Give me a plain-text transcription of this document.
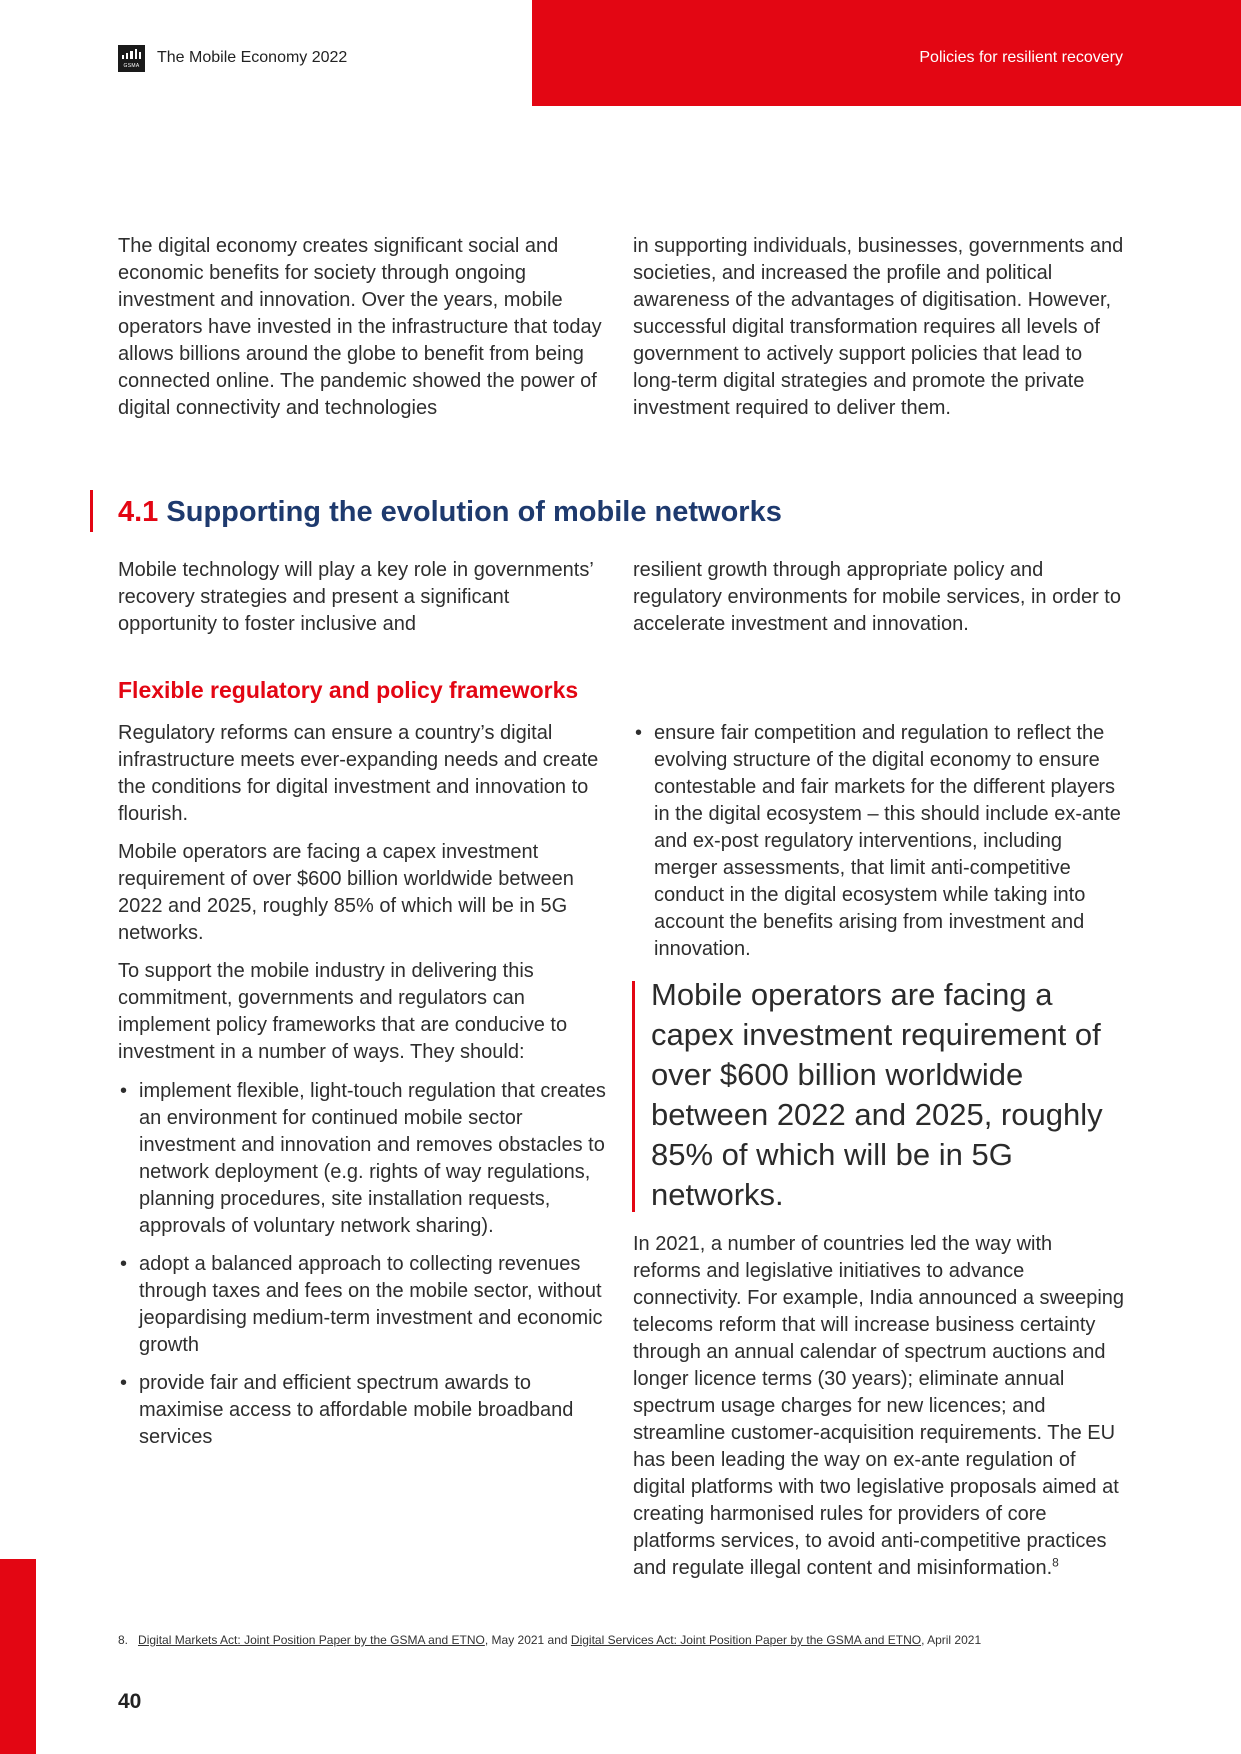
GSMA	The Mobile Economy 2022	Policies for resilient recovery

The digital economy creates significant social and economic benefits for society through ongoing investment and innovation. Over the years, mobile operators have invested in the infrastructure that today allows billions around the globe to benefit from being connected online. The pandemic showed the power of digital connectivity and technologies

in supporting individuals, businesses, governments and societies, and increased the profile and political awareness of the advantages of digitisation. However, successful digital transformation requires all levels of government to actively support policies that lead to long-term digital strategies and promote the private investment required to deliver them.

4.1 Supporting the evolution of mobile networks

Mobile technology will play a key role in governments’ recovery strategies and present a significant opportunity to foster inclusive and

resilient growth through appropriate policy and regulatory environments for mobile services, in order to accelerate investment and innovation.

Flexible regulatory and policy frameworks

Regulatory reforms can ensure a country’s digital infrastructure meets ever-expanding needs and create the conditions for digital investment and innovation to flourish.

Mobile operators are facing a capex investment requirement of over $600 billion worldwide between 2022 and 2025, roughly 85% of which will be in 5G networks.

To support the mobile industry in delivering this commitment, governments and regulators can implement policy frameworks that are conducive to investment in a number of ways. They should:

• implement flexible, light-touch regulation that creates an environment for continued mobile sector investment and innovation and removes obstacles to network deployment (e.g. rights of way regulations, planning procedures, site installation requests, approvals of voluntary network sharing).
• adopt a balanced approach to collecting revenues through taxes and fees on the mobile sector, without jeopardising medium-term investment and economic growth
• provide fair and efficient spectrum awards to maximise access to affordable mobile broadband services
• ensure fair competition and regulation to reflect the evolving structure of the digital economy to ensure contestable and fair markets for the different players in the digital ecosystem – this should include ex-ante and ex-post regulatory interventions, including merger assessments, that limit anti-competitive conduct in the digital ecosystem while taking into account the benefits arising from investment and innovation.
Mobile operators are facing a capex investment requirement of over $600 billion worldwide between 2022 and 2025, roughly 85% of which will be in 5G networks.

In 2021, a number of countries led the way with reforms and legislative initiatives to advance connectivity. For example, India announced a sweeping telecoms reform that will increase business certainty through an annual calendar of spectrum auctions and longer licence terms (30 years); eliminate annual spectrum usage charges for new licences; and streamline customer-acquisition requirements. The EU has been leading the way on ex-ante regulation of digital platforms with two legislative proposals aimed at creating harmonised rules for providers of core platforms services, to avoid anti-competitive practices and regulate illegal content and misinformation.$^8$

8. Digital Markets Act: Joint Position Paper by the GSMA and ETNO, May 2021 and Digital Services Act: Joint Position Paper by the GSMA and ETNO, April 2021
40
